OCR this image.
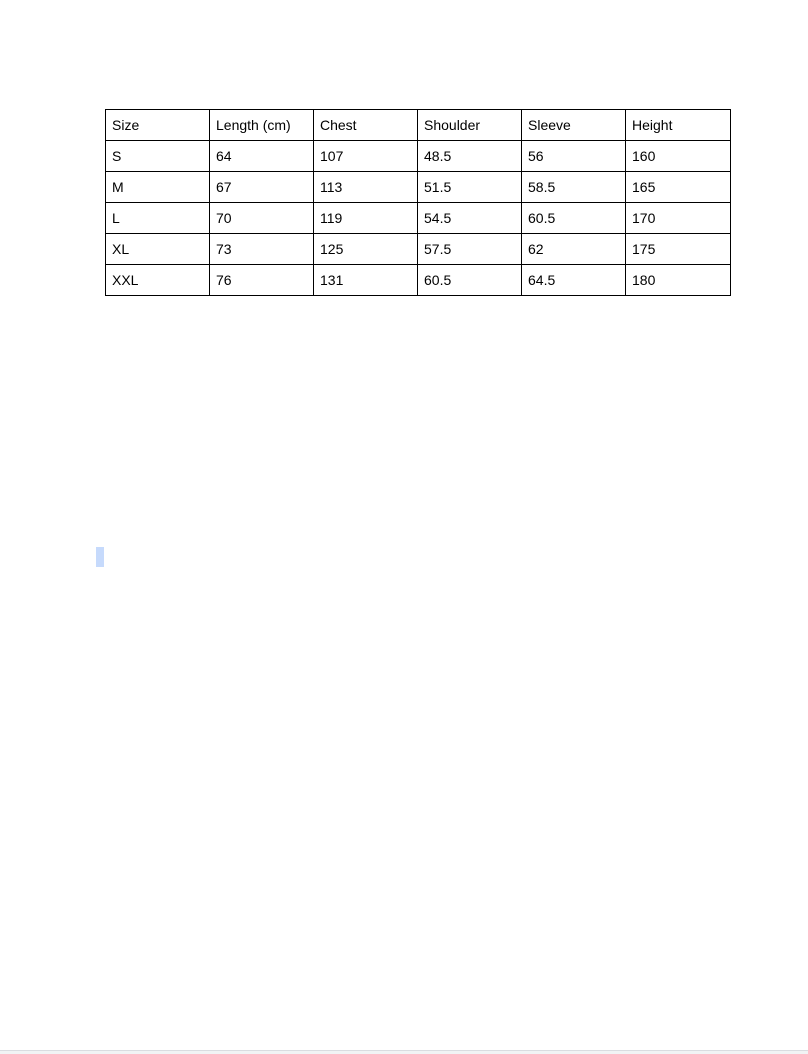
Size	Length (cm)	Chest	Shoulder	Sleeve	Height
S	64	107	48.5	56	160
M	67	113	51.5	58.5	165
L	70	119	54.5	60.5	170
XL	73	125	57.5	62	175
XXL	76	131	60.5	64.5	180
